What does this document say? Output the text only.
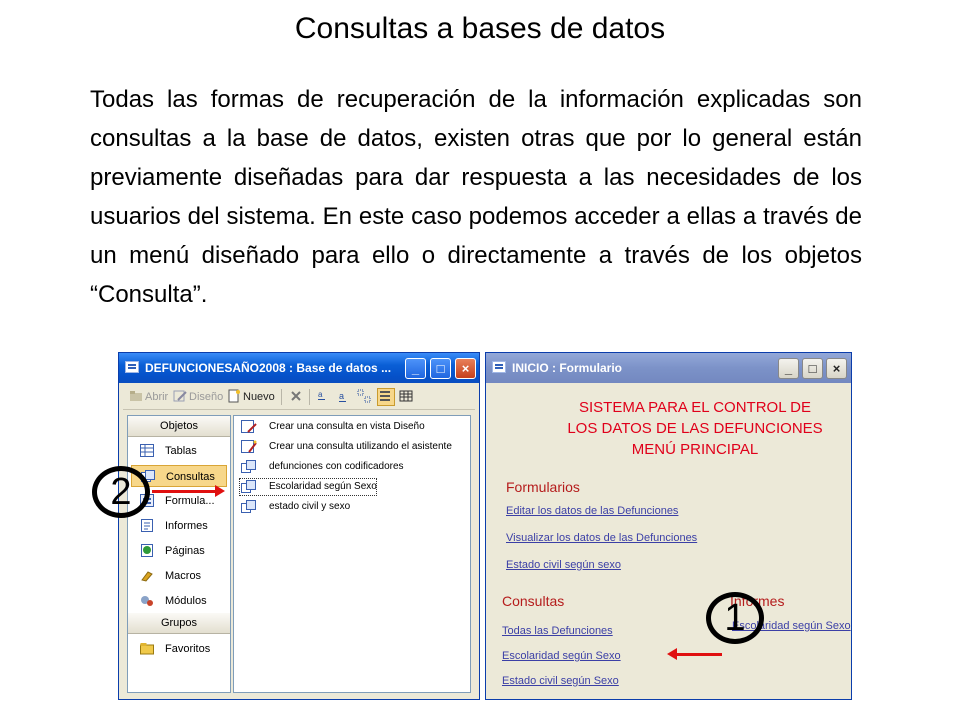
Consultas a bases de datos
Todas las formas de recuperación de la información explicadas son consultas a la base de datos, existen otras que por lo general están previamente diseñadas para dar respuesta a las necesidades de los usuarios del sistema. En este caso podemos acceder a ellas a través de un menú diseñado para ello o directamente a través de los objetos “Consulta”.
DEFUNCIONESAÑO2008 : Base de datos ...	_	□	×
Abrir	Diseño	Nuevo	a a
Objetos
Tablas
Consultas
Formula...
Informes
Páginas
Macros
Módulos
Grupos
Favoritos
Crear una consulta en vista Diseño
Crear una consulta utilizando el asistente
defunciones con codificadores
Escolaridad según Sexo
estado civil y sexo
INICIO : Formulario	_	□	×
SISTEMA PARA EL CONTROL DE
LOS DATOS DE LAS DEFUNCIONES
MENÚ PRINCIPAL
Formularios
Editar los datos de las Defunciones
Visualizar los datos de las Defunciones
Estado civil según sexo
Consultas
Todas las Defunciones
Escolaridad según Sexo
Estado civil según Sexo
Informes
Escolaridad según Sexo
2
1
